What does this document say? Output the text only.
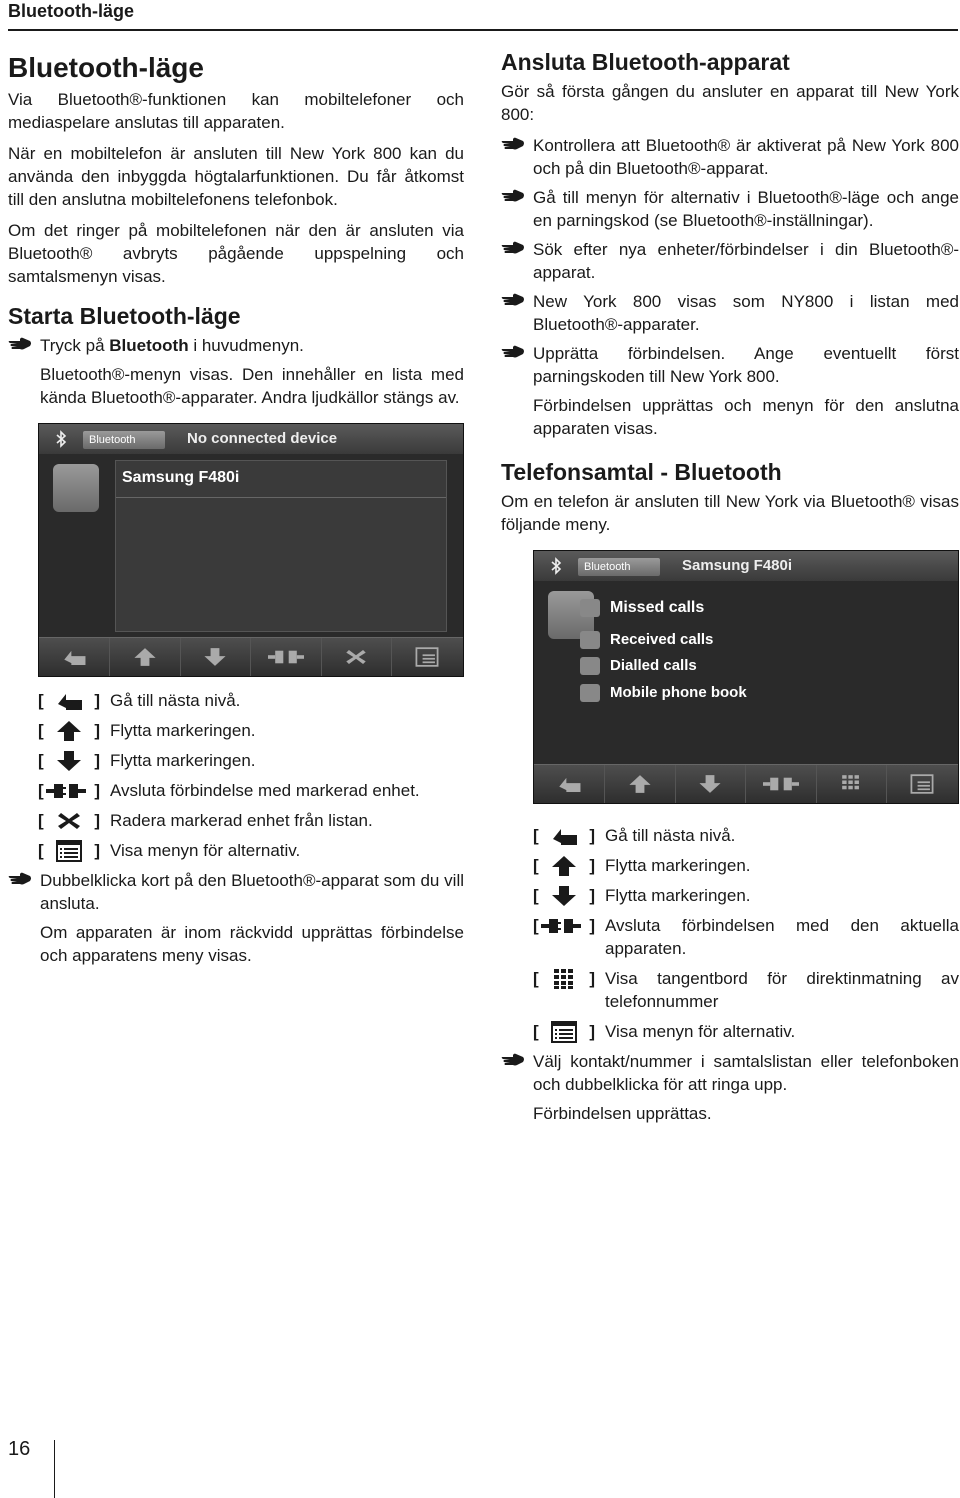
Bluetooth-läge
Bluetooth-läge

Via Bluetooth®-funktionen kan mobiltelefoner och mediaspelare anslutas till apparaten.

När en mobiltelefon är ansluten till New York 800 kan du använda den inbyggda högtalarfunktionen. Du får åtkomst till den anslutna mobiltelefonens telefonbok.

Om det ringer på mobiltelefonen när den är ansluten via Bluetooth® avbryts pågående uppspelning och samtalsmenyn visas.

Starta Bluetooth-läge
Tryck på Bluetooth i huvudmenyn.

Bluetooth®-menyn visas. Den innehåller en lista med kända Bluetooth®-apparater. Andra ljudkällor stängs av.

Bluetooth	No connected device
Samsung F480i
[	] Gå till nästa nivå.
[	] Flytta markeringen.
[	] Flytta markeringen.
[	] Avsluta förbindelse med markerad enhet.
[	] Radera markerad enhet från listan.
[	] Visa menyn för alternativ.
Dubbelklicka kort på den Bluetooth®-apparat som du vill ansluta.

Om apparaten är inom räckvidd upprättas förbindelse och apparatens meny visas.

Ansluta Bluetooth-apparat

Gör så första gången du ansluter en apparat till New York 800:

Kontrollera att Bluetooth® är aktiverat på New York 800 och på din Bluetooth®-apparat.
Gå till menyn för alternativ i Bluetooth®-läge och ange en parningskod (se Bluetooth®-inställningar).
Sök efter nya enheter/förbindelser i din Bluetooth®-apparat.
New York 800 visas som NY800 i listan med Bluetooth®-apparater.
Upprätta förbindelsen. Ange eventuellt först parningskoden till New York 800.

Förbindelsen upprättas och menyn för den anslutna apparaten visas.

Telefonsamtal - Bluetooth

Om en telefon är ansluten till New York via Bluetooth® visas följande meny.

Bluetooth	Samsung F480i
Missed calls
Received calls
Dialled calls
Mobile phone book
[	] Gå till nästa nivå.
[	] Flytta markeringen.
[	] Flytta markeringen.
[	] Avsluta förbindelsen med den aktuella apparaten.
[	] Visa tangentbord för direktinmatning av telefonnummer
[	] Visa menyn för alternativ.
Välj kontakt/nummer i samtalslistan eller telefonboken och dubbelklicka för att ringa upp.

Förbindelsen upprättas.

16
